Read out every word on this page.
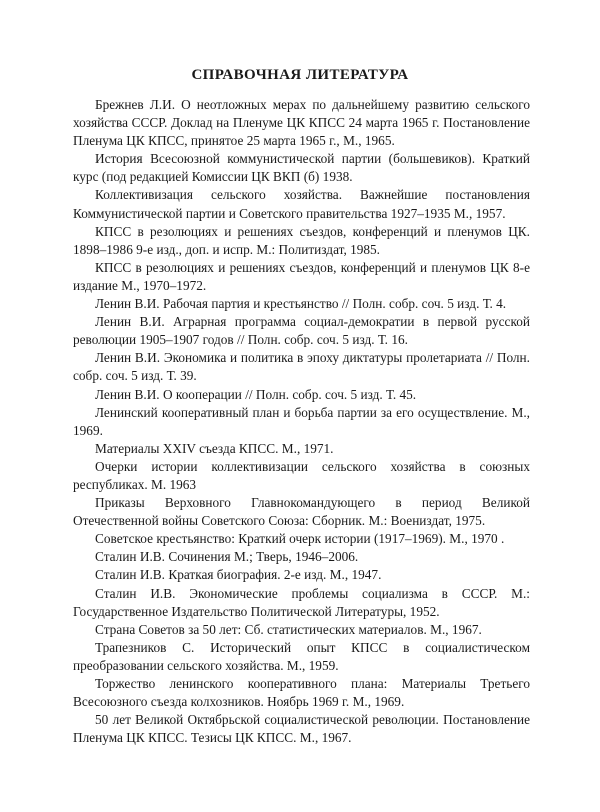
СПРАВОЧНАЯ ЛИТЕРАТУРА

Брежнев Л.И. О неотложных мерах по дальнейшему развитию сельского хозяйства СССР. Доклад на Пленуме ЦК КПСС 24 марта 1965 г. Постановление Пленума ЦК КПСС, принятое 25 марта 1965 г., М., 1965.

История Всесоюзной коммунистической партии (большевиков). Краткий курс (под редакцией Комиссии ЦК ВКП (б) 1938.

Коллективизация сельского хозяйства. Важнейшие постановления Коммунистической партии и Советского правительства 1927–1935 М., 1957.

КПСС в резолюциях и решениях съездов, конференций и пленумов ЦК. 1898–1986 9-е изд., доп. и испр. М.: Политиздат, 1985.

КПСС в резолюциях и решениях съездов, конференций и пленумов ЦК 8-е издание М., 1970–1972.

Ленин В.И. Рабочая партия и крестьянство // Полн. собр. соч. 5 изд. Т. 4.

Ленин В.И. Аграрная программа социал-демократии в первой русской революции 1905–1907 годов // Полн. собр. соч. 5 изд. Т. 16.

Ленин В.И. Экономика и политика в эпоху диктатуры пролетариата // Полн. собр. соч. 5 изд. Т. 39.

Ленин В.И. О кооперации // Полн. собр. соч. 5 изд. Т. 45.

Ленинский кооперативный план и борьба партии за его осуществление. М., 1969.

Материалы XXIV съезда КПСС. М., 1971.

Очерки истории коллективизации сельского хозяйства в союзных республиках. М. 1963

Приказы Верховного Главнокомандующего в период Великой Отечественной войны Советского Союза: Сборник. М.: Воениздат, 1975.

Советское крестьянство: Краткий очерк истории (1917–1969). М., 1970 .

Сталин И.В. Сочинения М.; Тверь, 1946–2006.

Сталин И.В. Краткая биография. 2-е изд. М., 1947.

Сталин И.В. Экономические проблемы социализма в СССР. М.: Государственное Издательство Политической Литературы, 1952.

Страна Советов за 50 лет: Сб. статистических материалов. М., 1967.

Трапезников С. Исторический опыт КПСС в социалистическом преобразовании сельского хозяйства. М., 1959.

Торжество ленинского кооперативного плана: Материалы Третьего Всесоюзного съезда колхозников. Ноябрь 1969 г. М., 1969.

50 лет Великой Октябрьской социалистической революции. Постановление Пленума ЦК КПСС. Тезисы ЦК КПСС. М., 1967.
